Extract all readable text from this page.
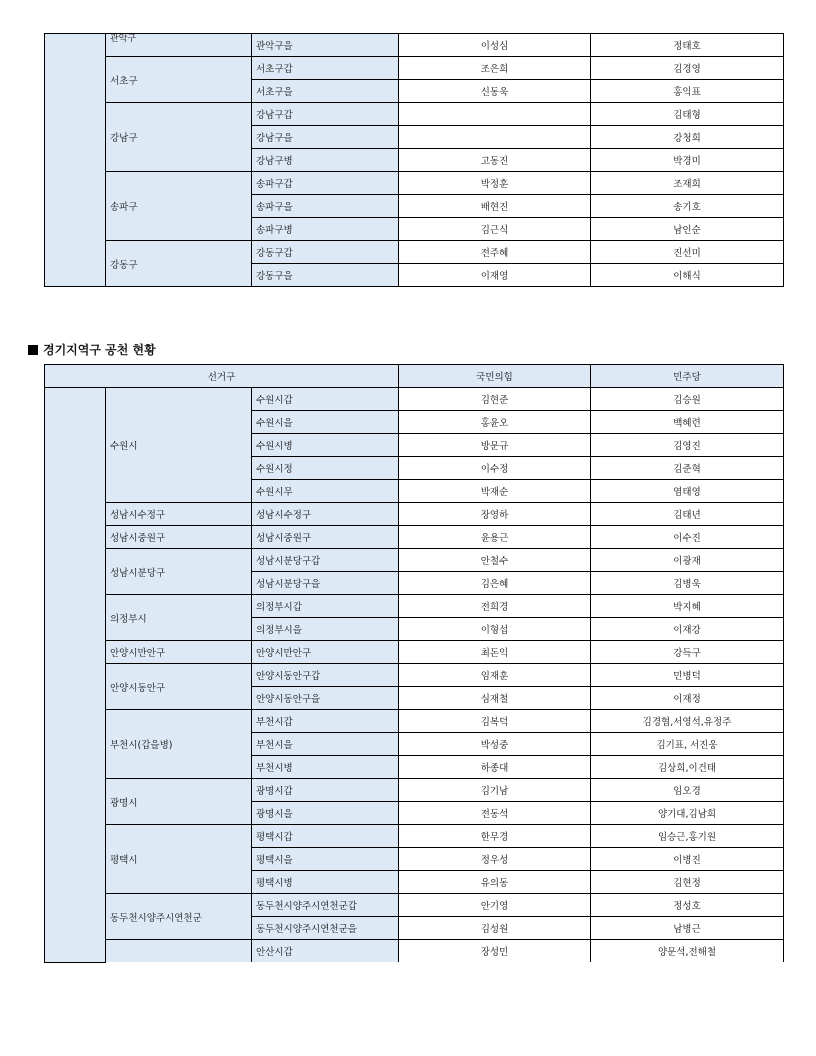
	관악구	관악구을	이성심	정태호
	서초구	서초구갑	조은희	김경영
		서초구을	신동욱	홍익표
	강남구	강남구갑		김태형
		강남구을		강청희
		강남구병	고동진	박경미
	송파구	송파구갑	박정훈	조재희
		송파구을	배현진	송기호
		송파구병	김근식	남인순
	강동구	강동구갑	전주혜	진선미
		강동구을	이재영	이해식
경기지역구 공천 현황
선거구			국민의힘	민주당
	수원시	수원시갑	김현준	김승원
		수원시을	홍윤오	백혜련
		수원시병	방문규	김영진
		수원시정	이수정	김준혁
		수원시무	박재순	염태영
	성남시수정구	성남시수정구	장영하	김태년
	성남시중원구	성남시중원구	윤용근	이수진
	성남시분당구	성남시분당구갑	안철수	이광재
		성남시분당구을	김은혜	김병욱
	의정부시	의정부시갑	전희경	박지혜
		의정부시을	이형섭	이재강
	안양시만안구	안양시만안구	최돈익	강득구
	안양시동안구	안양시동안구갑	임재훈	민병덕
		안양시동안구을	심재철	이재정
	부천시(갑을병)	부천시갑	김복덕	김경협,서영석,유정주
		부천시을	박성중	김기표, 서진웅
		부천시병	하종대	김상희,이건태
	광명시	광명시갑	김기남	임오경
		광명시을	전동석	양기대,김남희
	평택시	평택시갑	한무경	임승근,홍기원
		평택시을	정우성	이병진
		평택시병	유의동	김현정
	동두천시양주시연천군	동두천시양주시연천군갑	안기영	정성호
		동두천시양주시연천군을	김성원	남병근
		안산시갑	장성민	양문석,전해철
